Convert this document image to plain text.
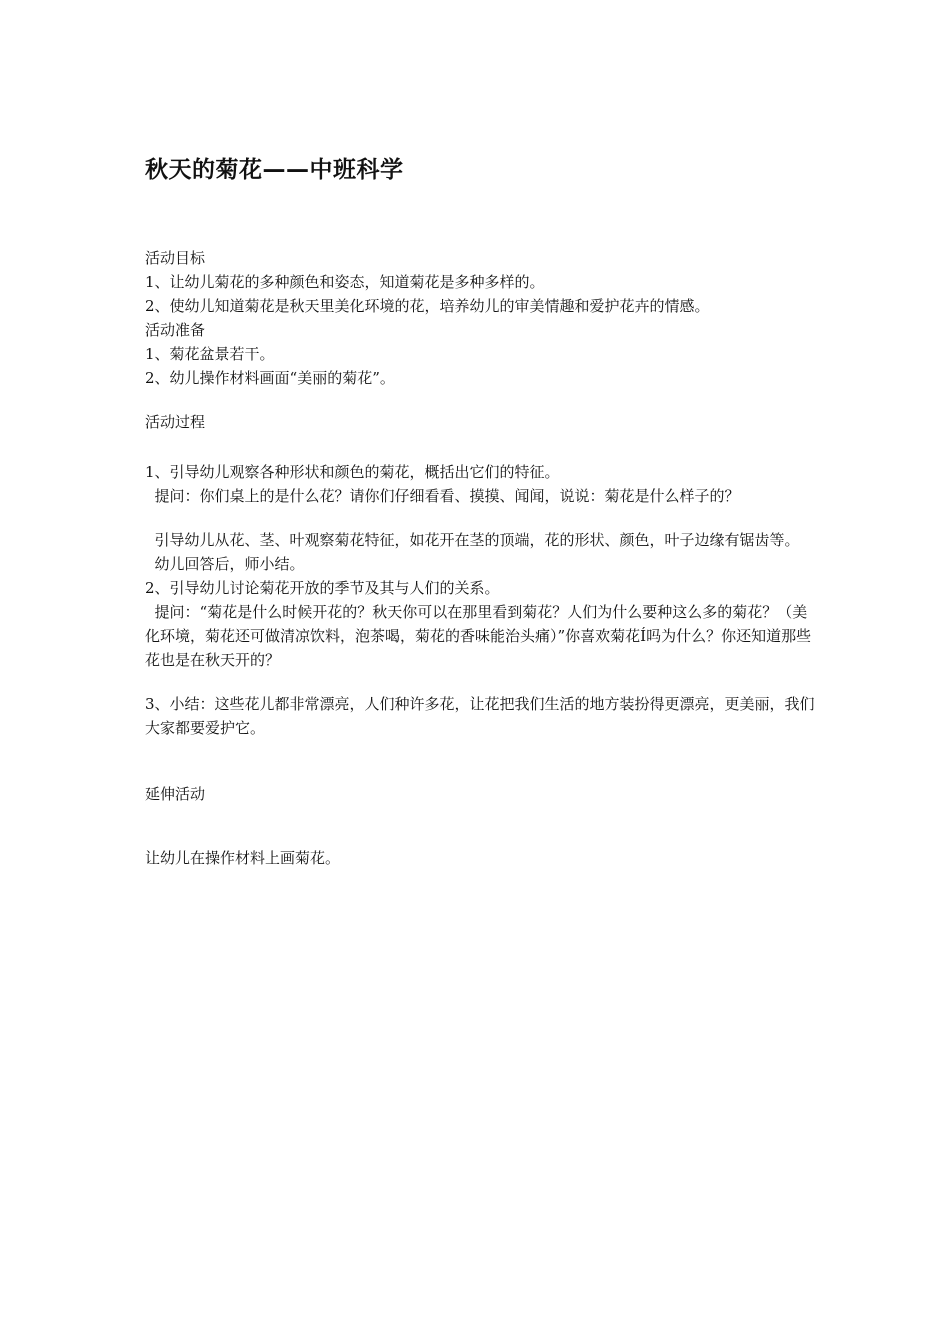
秋天的菊花——中班科学

活动目标

1、让幼儿菊花的多种颜色和姿态，知道菊花是多种多样的。

2、使幼儿知道菊花是秋天里美化环境的花，培养幼儿的审美情趣和爱护花卉的情感。

活动准备

1、菊花盆景若干。

2、幼儿操作材料画面“美丽的菊花”。

活动过程

1、引导幼儿观察各种形状和颜色的菊花，概括出它们的特征。

提问：你们桌上的是什么花？请你们仔细看看、摸摸、闻闻，说说：菊花是什么样子的？

引导幼儿从花、茎、叶观察菊花特征，如花开在茎的顶端，花的形状、颜色，叶子边缘有锯齿等。

幼儿回答后，师小结。

2、引导幼儿讨论菊花开放的季节及其与人们的关系。

提问：“菊花是什么时候开花的？秋天你可以在那里看到菊花？人们为什么要种这么多的菊花？（美化环境，菊花还可做清凉饮料，泡茶喝，菊花的香味能治头痛）”你喜欢菊花Í吗为什么？你还知道那些花也是在秋天开的？

3、小结：这些花儿都非常漂亮，人们种许多花，让花把我们生活的地方装扮得更漂亮，更美丽，我们大家都要爱护它。

延伸活动

让幼儿在操作材料上画菊花。
